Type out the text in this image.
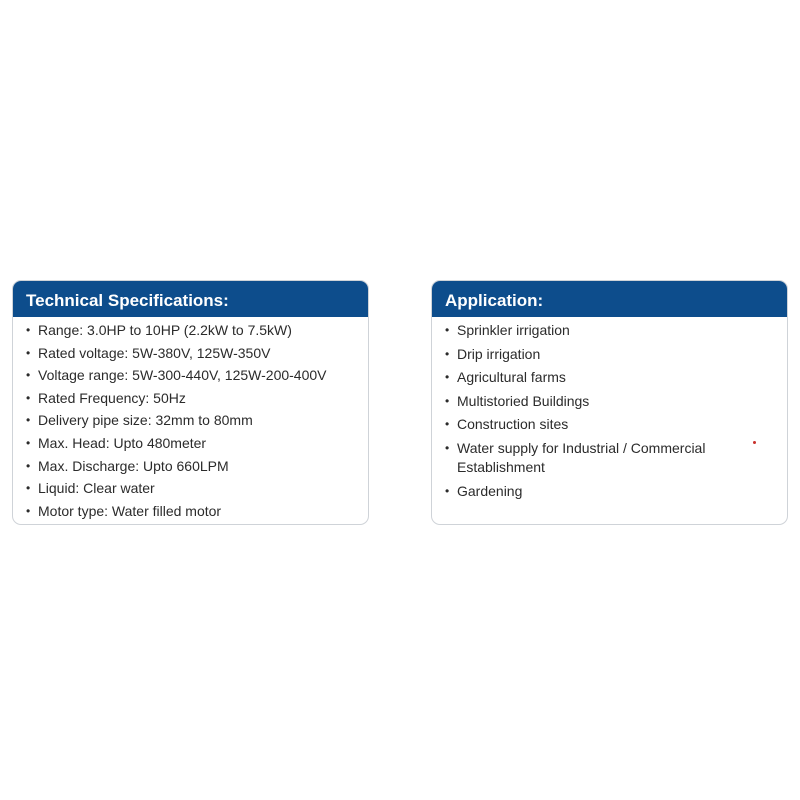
Technical Specifications:
• Range: 3.0HP to 10HP (2.2kW to 7.5kW)
• Rated voltage: 5W-380V, 125W-350V
• Voltage range: 5W-300-440V, 125W-200-400V
• Rated Frequency: 50Hz
• Delivery pipe size: 32mm to 80mm
• Max. Head: Upto 480meter
• Max. Discharge: Upto 660LPM
• Liquid: Clear water
• Motor type: Water filled motor
Application:
• Sprinkler irrigation
• Drip irrigation
• Agricultural farms
• Multistoried Buildings
• Construction sites
• Water supply for Industrial / Commercial Establishment
• Gardening
